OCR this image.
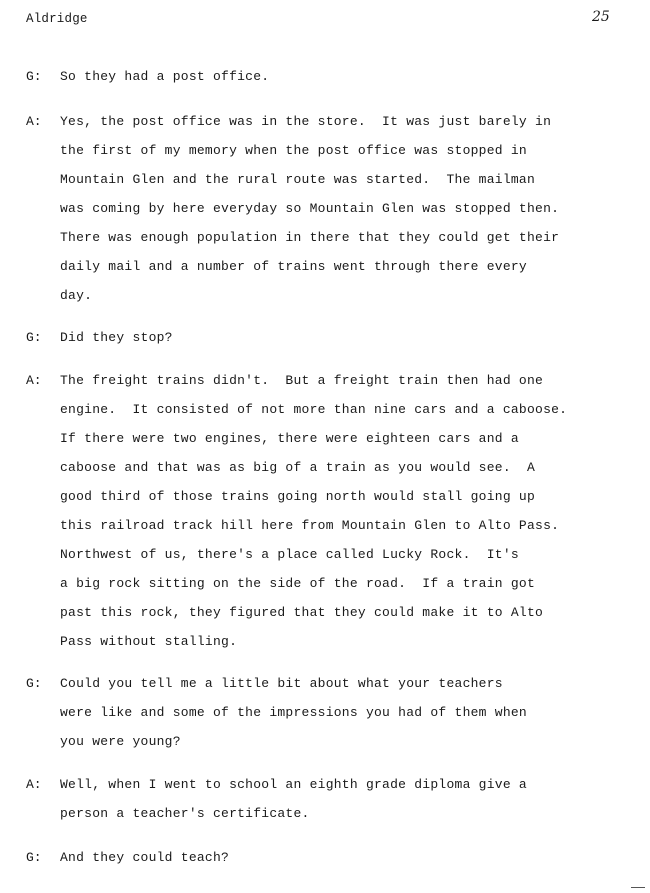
Aldridge	25
G:	So they had a post office.
A:	Yes, the post office was in the store.  It was just barely in
the first of my memory when the post office was stopped in
Mountain Glen and the rural route was started.  The mailman
was coming by here everyday so Mountain Glen was stopped then.
There was enough population in there that they could get their
daily mail and a number of trains went through there every
day.
G:	Did they stop?
A:	The freight trains didn't.  But a freight train then had one
engine.  It consisted of not more than nine cars and a caboose.
If there were two engines, there were eighteen cars and a
caboose and that was as big of a train as you would see.  A
good third of those trains going north would stall going up
this railroad track hill here from Mountain Glen to Alto Pass.
Northwest of us, there's a place called Lucky Rock.  It's
a big rock sitting on the side of the road.  If a train got
past this rock, they figured that they could make it to Alto
Pass without stalling.
G:	Could you tell me a little bit about what your teachers
were like and some of the impressions you had of them when
you were young?
A:	Well, when I went to school an eighth grade diploma give a
person a teacher's certificate.
G:	And they could teach?
